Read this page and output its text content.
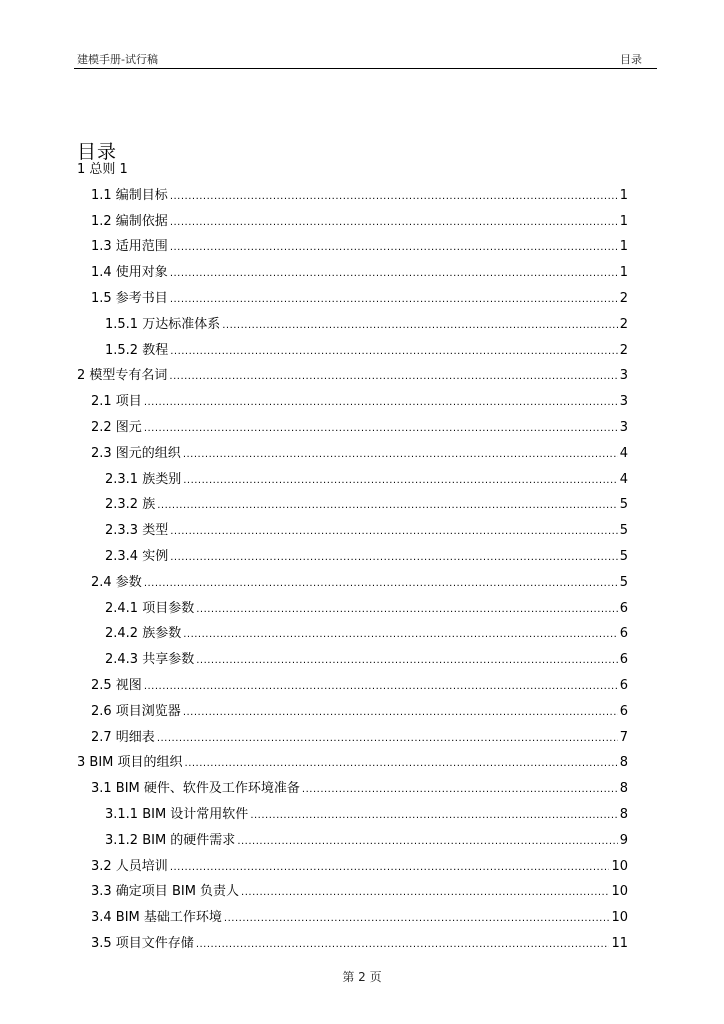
建模手册-试行稿	目录
目录
1 总则 1
1.1 编制目标 .....	1
1.2 编制依据 .....	1
1.3 适用范围 .....	1
1.4 使用对象 .....	1
1.5 参考书目 .....	2
1.5.1 万达标准体系 .....	2
1.5.2 教程 .....	2
2 模型专有名词 .....	3
2.1 项目 .....	3
2.2 图元 .....	3
2.3 图元的组织 .....	4
2.3.1 族类别 .....	4
2.3.2 族 .....	5
2.3.3 类型 .....	5
2.3.4 实例 .....	5
2.4 参数 .....	5
2.4.1 项目参数 .....	6
2.4.2 族参数 .....	6
2.4.3 共享参数 .....	6
2.5 视图 .....	6
2.6 项目浏览器 .....	6
2.7 明细表 .....	7
3 BIM 项目的组织 .....	8
3.1 BIM 硬件、软件及工作环境准备 .....	8
3.1.1 BIM 设计常用软件 .....	8
3.1.2 BIM 的硬件需求 .....	9
3.2 人员培训 .....	10
3.3 确定项目 BIM 负责人 .....	10
3.4 BIM 基础工作环境 .....	10
3.5 项目文件存储 .....	11
第 2 页
